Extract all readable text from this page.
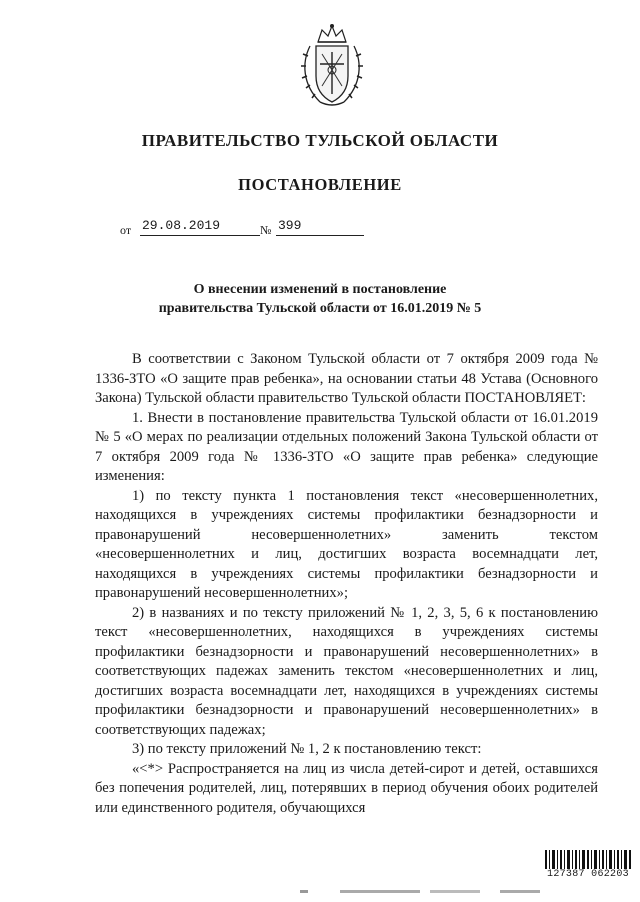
ПРАВИТЕЛЬСТВО ТУЛЬСКОЙ ОБЛАСТИ
ПОСТАНОВЛЕНИЕ
от 29.08.2019	№ 399
О внесении изменений в постановление
правительства Тульской области от 16.01.2019 № 5

В соответствии с Законом Тульской области от 7 октября 2009 года № 1336-ЗТО «О защите прав ребенка», на основании статьи 48 Устава (Основного Закона) Тульской области правительство Тульской области ПОСТАНОВЛЯЕТ:

1. Внести в постановление правительства Тульской области от 16.01.2019 № 5 «О мерах по реализации отдельных положений Закона Тульской области от 7 октября 2009 года № 1336-ЗТО «О защите прав ребенка» следующие изменения:

1) по тексту пункта 1 постановления текст «несовершеннолетних, находящихся в учреждениях системы профилактики безнадзорности и правонарушений несовершеннолетних» заменить текстом «несовершеннолетних и лиц, достигших возраста восемнадцати лет, находящихся в учреждениях системы профилактики безнадзорности и правонарушений несовершеннолетних»;

2) в названиях и по тексту приложений № 1, 2, 3, 5, 6 к постановлению текст «несовершеннолетних, находящихся в учреждениях системы профилактики безнадзорности и правонарушений несовершеннолетних» в соответствующих падежах заменить текстом «несовершеннолетних и лиц, достигших возраста восемнадцати лет, находящихся в учреждениях системы профилактики безнадзорности и правонарушений несовершеннолетних» в соответствующих падежах;

3) по тексту приложений № 1, 2 к постановлению текст:

«<*> Распространяется на лиц из числа детей-сирот и детей, оставшихся без попечения родителей, лиц, потерявших в период обучения обоих родителей или единственного родителя, обучающихся

127387 062203
